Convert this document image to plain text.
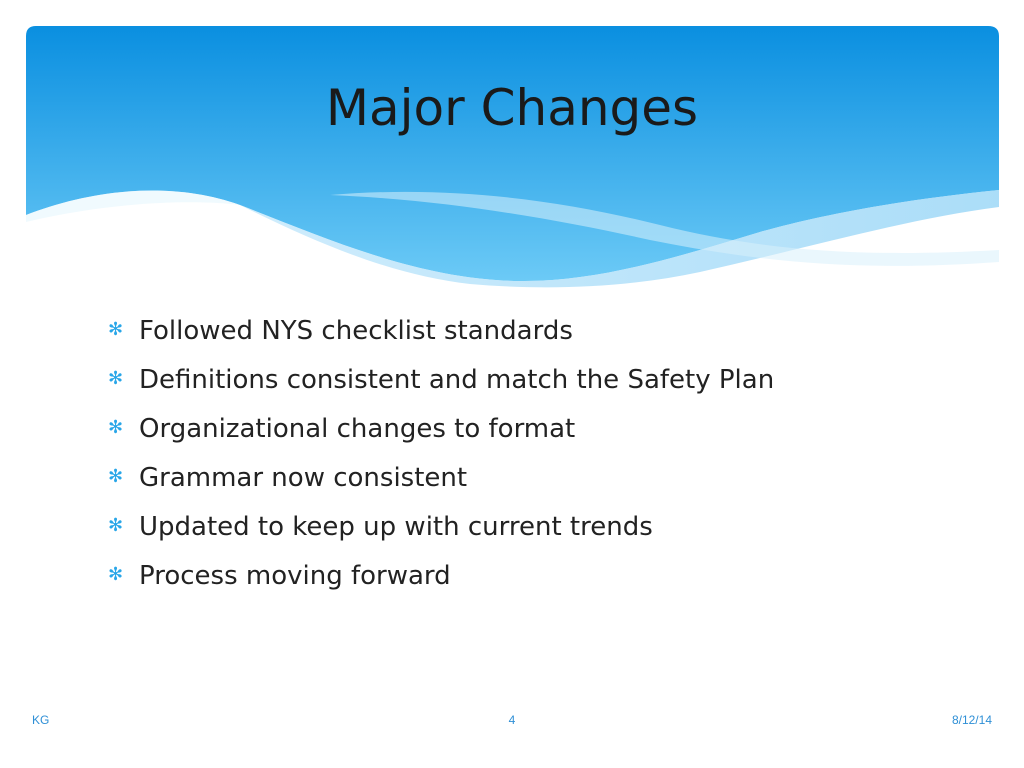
Major Changes
✻ Followed NYS checklist standards
✻ Definitions consistent and match the Safety Plan
✻ Organizational changes to format
✻ Grammar now consistent
✻ Updated to keep up with current trends
✻ Process moving forward
KG	4	8/12/14
